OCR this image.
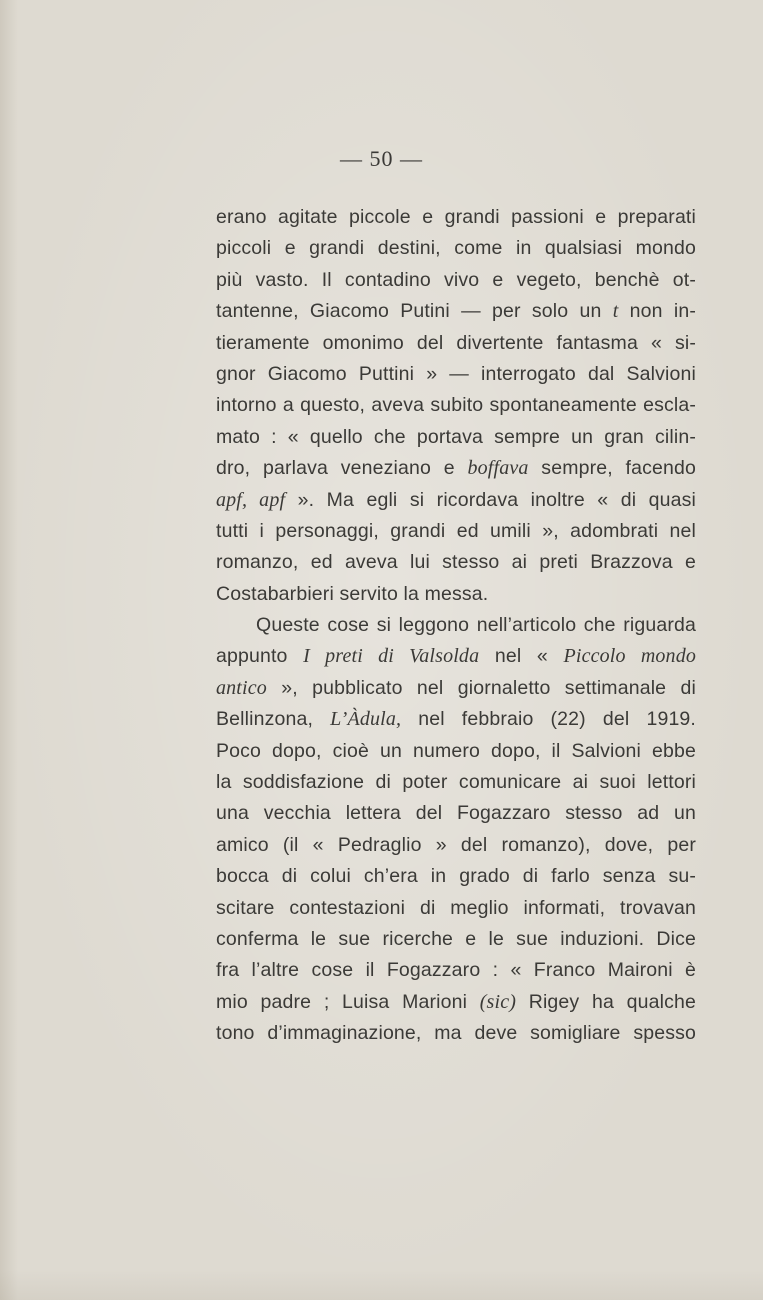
— 50 —
erano agitate piccole e grandi passioni e preparati
piccoli e grandi destini, come in qualsiasi mondo
più vasto. Il contadino vivo e vegeto, benchè ot-
tantenne, Giacomo Putini — per solo un t non in-
tieramente omonimo del divertente fantasma « si-
gnor Giacomo Puttini » — interrogato dal Salvioni
intorno a questo, aveva subito spontaneamente escla-
mato : « quello che portava sempre un gran cilin-
dro, parlava veneziano e boffava sempre, facendo
apf, apf ». Ma egli si ricordava inoltre « di quasi
tutti i personaggi, grandi ed umili », adombrati nel
romanzo, ed aveva lui stesso ai preti Brazzova e
Costabarbieri servito la messa.
Queste cose si leggono nell’articolo che riguarda
appunto I preti di Valsolda nel « Piccolo mondo
antico », pubblicato nel giornaletto settimanale di
Bellinzona, L’Àdula, nel febbraio (22) del 1919.
Poco dopo, cioè un numero dopo, il Salvioni ebbe
la soddisfazione di poter comunicare ai suoi lettori
una vecchia lettera del Fogazzaro stesso ad un
amico (il « Pedraglio » del romanzo), dove, per
bocca di colui ch’era in grado di farlo senza su-
scitare contestazioni di meglio informati, trovavan
conferma le sue ricerche e le sue induzioni. Dice
fra l’altre cose il Fogazzaro : « Franco Maironi è
mio padre ; Luisa Marioni (sic) Rigey ha qualche
tono d’immaginazione, ma deve somigliare spesso
